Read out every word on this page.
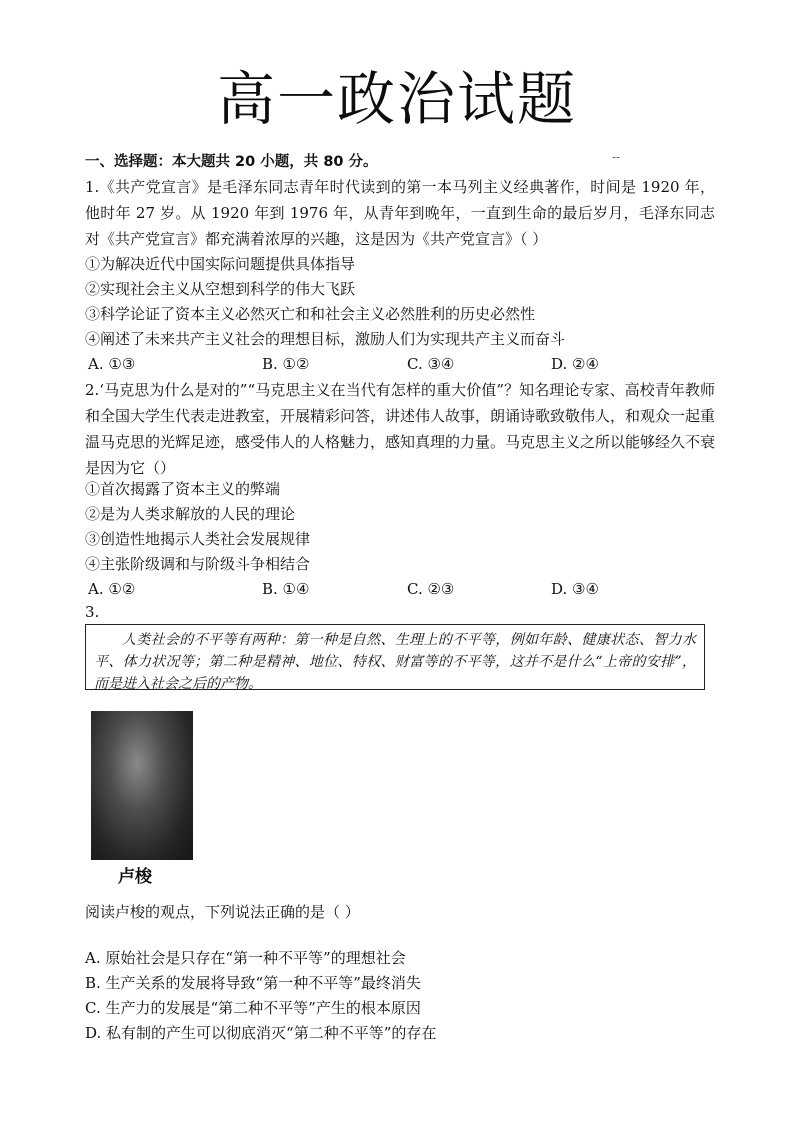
高一政治试题
一、选择题：本大题共 20 小题，共 80 分。	--
1.《共产党宣言》是毛泽东同志青年时代读到的第一本马列主义经典著作，时间是 1920 年，他时年 27 岁。从 1920 年到 1976 年，从青年到晚年，一直到生命的最后岁月，毛泽东同志对《共产党宣言》都充满着浓厚的兴趣，这是因为《共产党宣言》（ ）
①为解决近代中国实际问题提供具体指导
②实现社会主义从空想到科学的伟大飞跃
③科学论证了资本主义必然灭亡和和社会主义必然胜利的历史必然性
④阐述了未来共产主义社会的理想目标，激励人们为实现共产主义而奋斗
A. ①③	B. ①②	C. ③④	D. ②④
2.‘马克思为什么是对的”“马克思主义在当代有怎样的重大价值”？知名理论专家、高校青年教师和全国大学生代表走进教室，开展精彩问答，讲述伟人故事，朗诵诗歌致敬伟人，和观众一起重温马克思的光辉足迹，感受伟人的人格魅力，感知真理的力量。马克思主义之所以能够经久不衰是因为它（）
①首次揭露了资本主义的弊端
②是为人类求解放的人民的理论
③创造性地揭示人类社会发展规律
④主张阶级调和与阶级斗争相结合
A. ①②	B. ①④	C. ②③	D. ③④
3.
人类社会的不平等有两种：第一种是自然、生理上的不平等，例如年龄、健康状态、智力水平、体力状况等；第二种是精神、地位、特权、财富等的不平等，这并不是什么“上帝的安排”，而是进入社会之后的产物。
卢梭
阅读卢梭的观点，下列说法正确的是（ ）
A. 原始社会是只存在“第一种不平等”的理想社会
B. 生产关系的发展将导致“第一种不平等”最终消失
C. 生产力的发展是“第二种不平等”产生的根本原因
D. 私有制的产生可以彻底消灭“第二种不平等”的存在
